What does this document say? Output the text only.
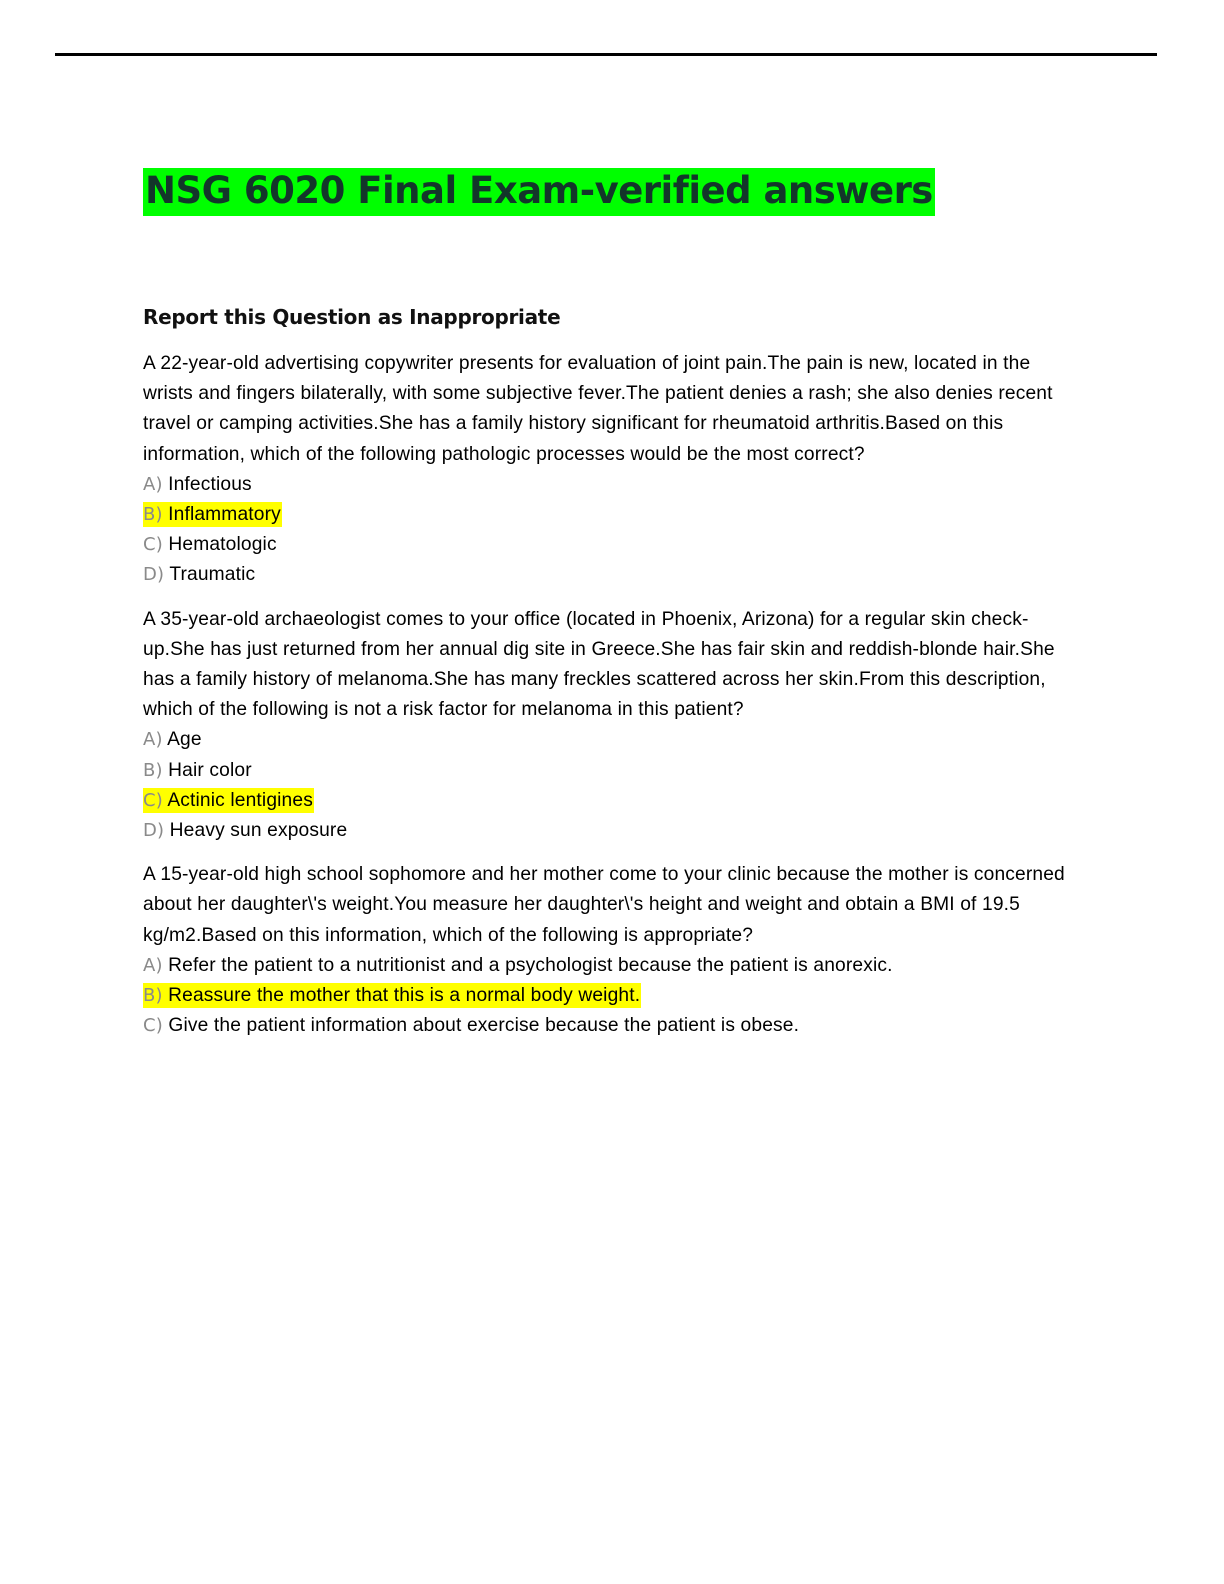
NSG 6020 Final Exam-verified answers
Report this Question as Inappropriate

A 22-year-old advertising copywriter presents for evaluation of joint pain.The pain is new, located in the wrists and fingers bilaterally, with some subjective fever.The patient denies a rash; she also denies recent travel or camping activities.She has a family history significant for rheumatoid arthritis.Based on this information, which of the following pathologic processes would be the most correct?

A) Infectious
B) Inflammatory
C) Hematologic
D) Traumatic

A 35-year-old archaeologist comes to your office (located in Phoenix, Arizona) for a regular skin check-up.She has just returned from her annual dig site in Greece.She has fair skin and reddish-blonde hair.She has a family history of melanoma.She has many freckles scattered across her skin.From this description, which of the following is not a risk factor for melanoma in this patient?

A) Age
B) Hair color
C) Actinic lentigines
D) Heavy sun exposure

A 15-year-old high school sophomore and her mother come to your clinic because the mother is concerned about her daughter\'s weight.You measure her daughter\'s height and weight and obtain a BMI of 19.5 kg/m2.Based on this information, which of the following is appropriate?

A) Refer the patient to a nutritionist and a psychologist because the patient is anorexic.
B) Reassure the mother that this is a normal body weight.
C) Give the patient information about exercise because the patient is obese.
